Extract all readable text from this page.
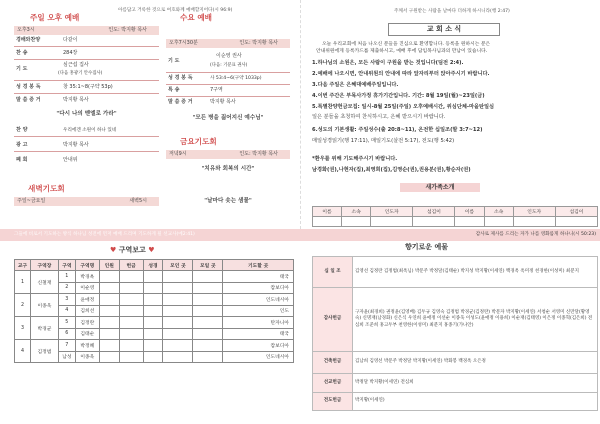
아름답고 거룩한 것으로 여호와께 예배할지어다(시 96:9)
주일 오후 예배
오후3시	인도: 박지황 목사
경배와찬양	다같이
찬 송	284장
기 도
심근섭 집사
(다음 홍광기 안수집사)
성 경 봉 독	창 35:1~8(구약 53p)
말 씀 증 거	박지황 목사
"다시 나의 벧엘로 가라"
찬 양	우리에겐 소원이 하나 있네
광 고	박지황 목사
폐 회	안내위
새벽기도회
주일~금요일	새벽5시
수요 예배
오후7시30분	인도: 박지황 목사
기 도
이순영 권사
(다음: 기분표 권사)
성 경 봉 독	사 53:4~6(구약 1033p)
특 송	7구역
말 씀 증 거	박지황 목사
"모든 병을 짊어지신 예수님"
금요기도회
저녁9시	인도: 박지황 목사
"치유와 회복의 시간"
"날마다 솟는 샘물"
그들에 비로서 기도하는 방식 하나님 성전에 먼저 예배 드리며 기도하게 될 선교사(예2:41)
♥ 구역보고 ♥
교구	구역장	구역	구역명	인원	헌금	성경	모인 곳	모일 곳	기도할 곳
1	신철재	1	박경옥						태국
		2	이순영						캄보디아
2	이종욱	3	윤애정						인도네시아
		4	김희선						인도
3	박경균	5	김정란						탄자니아
		6	김태순						태국
4	김정범	7	박정혜						캄보디아
		남성	이종욱						인도네시아
주께서 구원받는 사람을 날마다 더하게 하시니라(행 2:47)
교 회 소 식
오늘 우리교회에 처음 나오신 분들을 진심으로 환영합니다. 등록을 원하시는 분은
안내위원에게 등록카드를 제출하시고, 예배 후에 담임목사님과의 만남이 있습니다.
1.하나님의 소원은, 모든 사람이 구원을 받는 것입니다(딤전 2:4).
2.예배에 나오시면, 안내위원의 안내에 따라 앞자리부터 앉아주시기 바랍니다.
3.다음 주일은 은혜대예배주일입니다.
4.이번 주간은 부목사가정 휴가기간입니다. 기간: 8월 19일(월)~23일(금)
5.특별찬양헌금모집: 일시-8월 25일(주일) 오후예배시간, 위심단체-마을탄일심
일은 분들을 초청하여 찬식하시고, 은혜 받으시기 바랍니다.
6.성도의 기본생활: 주일성수(출 20:8~11), 온전한 십일조(말 3:7~12)
매일성경읽기(행 17:11), 매일기도(살전 5:17), 전도(행 5:42)
*환우를 위해 기도해주시기 바랍니다.
남경화(권),나현자(집),최영희(집),김영순(권),권용분(권),황순자(권)
새가족소개
이름	소속	인도자	섬김이	이름	소속	인도자	섬김이

감사로 제사를 드리는 자가 나를 영화롭게 하나니(시 50:23)
향기로운 예물
십 일 조	김영선 김정란 김정범(최옥님) 박문주 박정달(김태순) 박지성 박지황(이세연) 백경옥 옥미정 천경한(이성미) 최분지
감사헌금	구자윤(최경희) 권정윤(김영배) 김두규 김영숙 김정범 박경균(김정란) 박문자 박지황(이세연) 서청순 서영미 신만달(황영숙) 신명재(남경화) 신은식 우연희 윤애정 이선순 이종욱 이성도(윤애정 이용희) 이순재(김태영) 이은정 이종혁(김은희) 전심희 조준희 홍고두부 천영한(이성미) 최분지 홍종기(가나안)
건축헌금	김남희 김영선 박문주 박정달 박지황(이세연) 박화봉 백경옥 오은정
선교헌금	박정달 박지황(이세연) 전심희
전도헌금	박지황(이세연)
